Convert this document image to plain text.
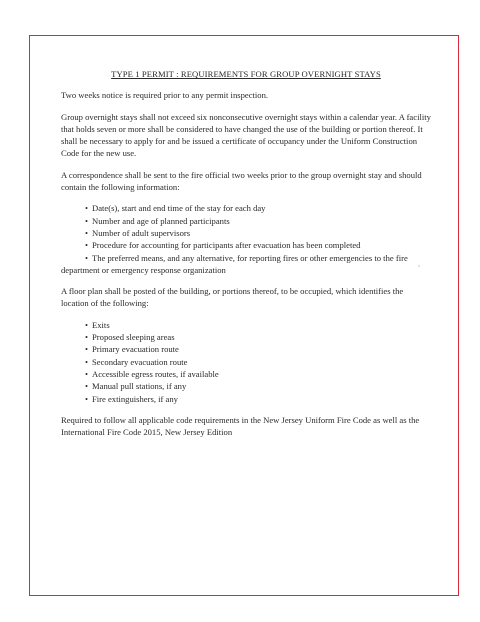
TYPE 1 PERMIT : REQUIREMENTS FOR GROUP OVERNIGHT STAYS

Two weeks notice is required prior to any permit inspection.

Group overnight stays shall not exceed six nonconsecutive overnight stays within a calendar year. A facility that holds seven or more shall be considered to have changed the use of the building or portion thereof. It shall be necessary to apply for and be issued a certificate of occupancy under the Uniform Construction Code for the new use.

A correspondence shall be sent to the fire official two weeks prior to the group overnight stay and should contain the following information:

• Date(s), start and end time of the stay for each day
• Number and age of planned participants
• Number of adult supervisors
• Procedure for accounting for participants after evacuation has been completed
• The preferred means, and any alternative, for reporting fires or other emergencies to the fire department or emergency response organization

A floor plan shall be posted of the building, or portions thereof, to be occupied, which identifies the location of the following:

• Exits
• Proposed sleeping areas
• Primary evacuation route
• Secondary evacuation route
• Accessible egress routes, if available
• Manual pull stations, if any
• Fire extinguishers, if any

Required to follow all applicable code requirements in the New Jersey Uniform Fire Code as well as the International Fire Code 2015, New Jersey Edition
